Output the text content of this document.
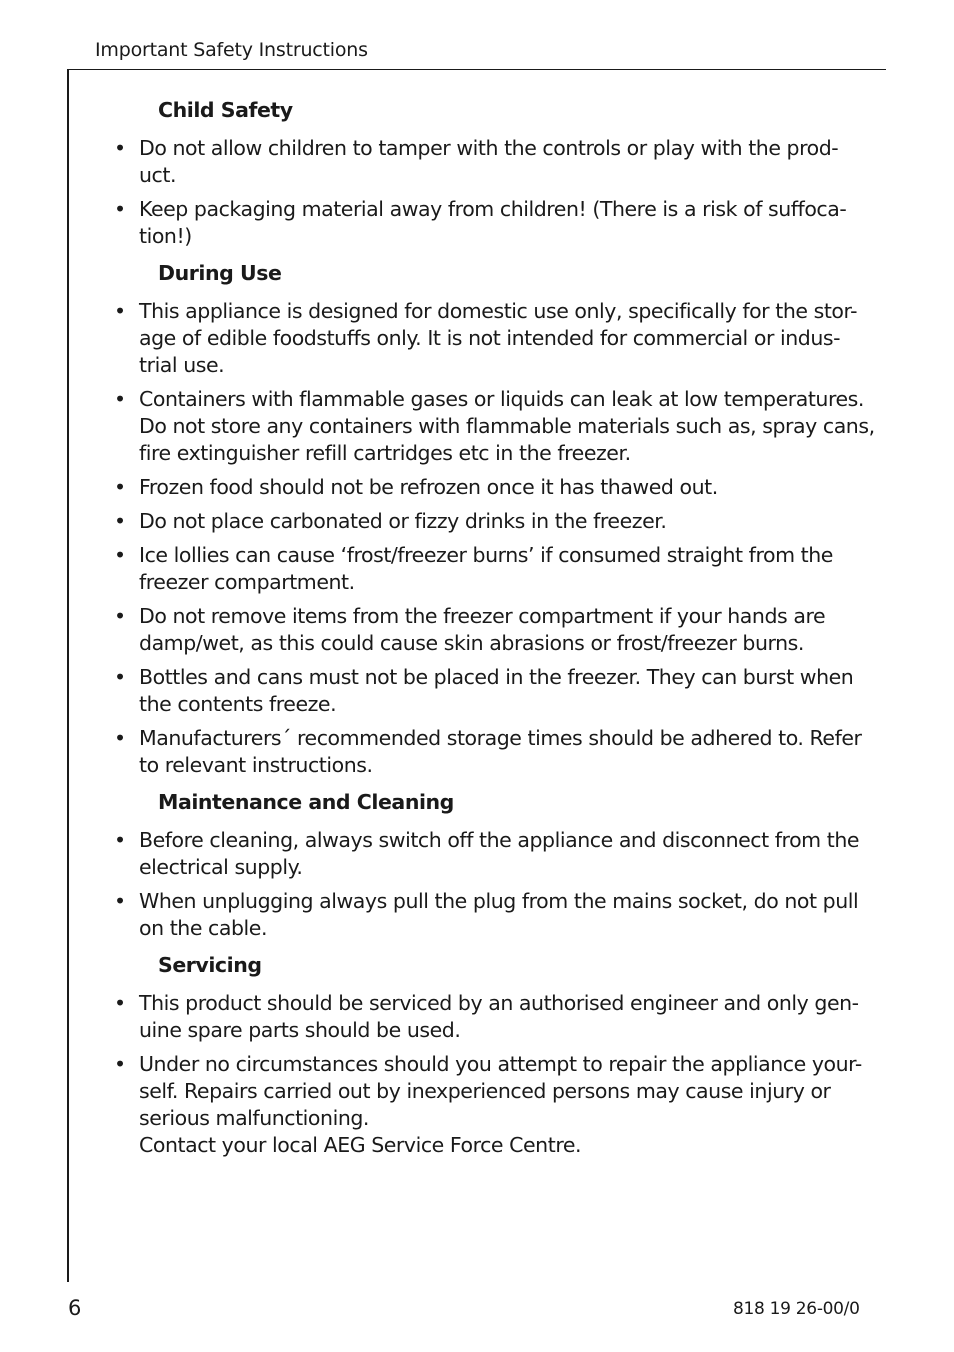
Important Safety Instructions
Child Safety
• Do not allow children to tamper with the controls or play with the prod-
uct.
• Keep packaging material away from children! (There is a risk of suffoca-
tion!)
During Use
• This appliance is designed for domestic use only, specifically for the stor-
age of edible foodstuffs only. It is not intended for commercial or indus-
trial use.
• Containers with flammable gases or liquids can leak at low temperatures.
Do not store any containers with flammable materials such as, spray cans,
fire extinguisher refill cartridges etc in the freezer.
• Frozen food should not be refrozen once it has thawed out.
• Do not place carbonated or fizzy drinks in the freezer.
• Ice lollies can cause ‘frost/freezer burns’ if consumed straight from the
freezer compartment.
• Do not remove items from the freezer compartment if your hands are
damp/wet, as this could cause skin abrasions or frost/freezer burns.
• Bottles and cans must not be placed in the freezer. They can burst when
the contents freeze.
• Manufacturers´ recommended storage times should be adhered to. Refer
to relevant instructions.
Maintenance and Cleaning
• Before cleaning, always switch off the appliance and disconnect from the
electrical supply.
• When unplugging always pull the plug from the mains socket, do not pull
on the cable.
Servicing
• This product should be serviced by an authorised engineer and only gen-
uine spare parts should be used.
• Under no circumstances should you attempt to repair the appliance your-
self. Repairs carried out by inexperienced persons may cause injury or
serious malfunctioning.
Contact your local AEG Service Force Centre.
6	818 19 26-00/0
